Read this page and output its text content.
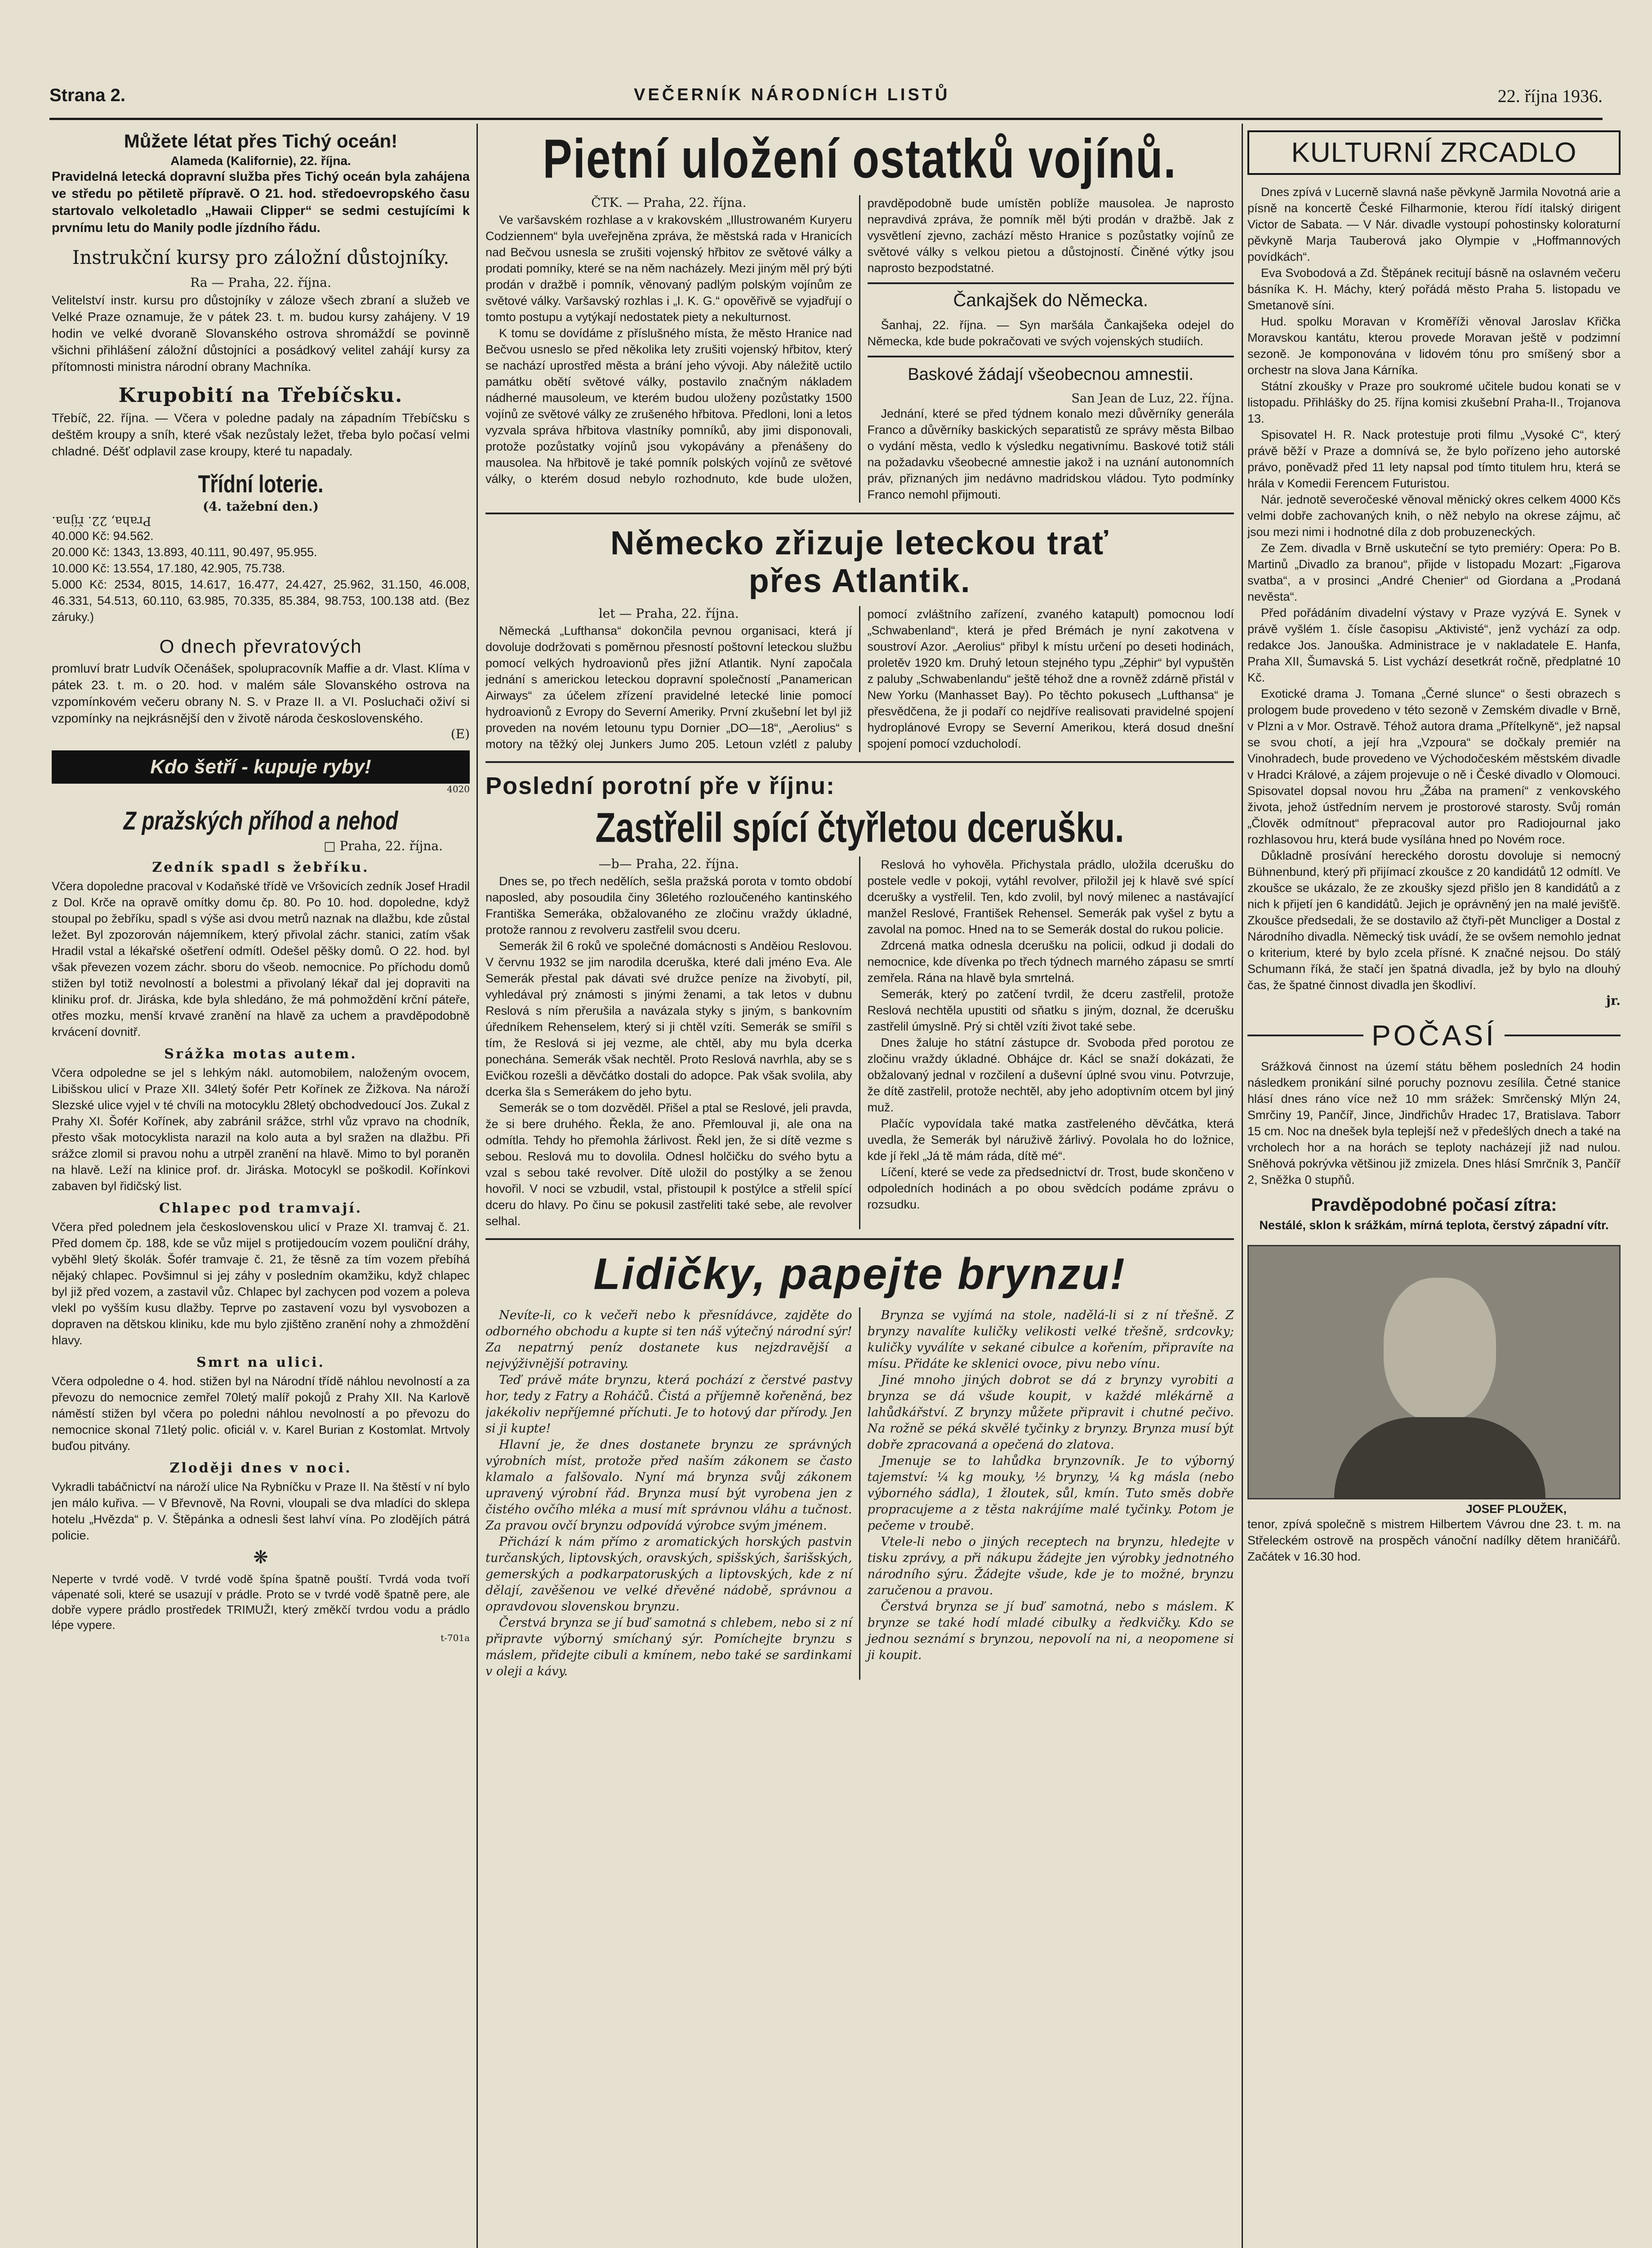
Strana 2.	VEČERNÍK NÁRODNÍCH LISTŮ	22. října 1936.
Můžete létat přes Tichý oceán!
Alameda (Kalifornie), 22. října.

Pravidelná letecká dopravní služba přes Tichý oceán byla zahájena ve středu po pětiletě přípravě. O 21. hod. středoevropského času startovalo velkoletadlo „Hawaii Clipper“ se sedmi cestujícími k prvnímu letu do Manily podle jízdního řádu.

Instrukční kursy pro záložní důstojníky.
Ra — Praha, 22. října.

Velitelství instr. kursu pro důstojníky v záloze všech zbraní a služeb ve Velké Praze oznamuje, že v pátek 23. t. m. budou kursy zahájeny. V 19 hodin ve velké dvoraně Slovanského ostrova shromáždí se povinně všichni přihlášení záložní důstojníci a posádkový velitel zahájí kursy za přítomnosti ministra národní obrany Machníka.

Krupobití na Třebíčsku.

Třebíč, 22. října. — Včera v poledne padaly na západním Třebíčsku s deštěm kroupy a sníh, které však nezůstaly ležet, třeba bylo počasí velmi chladné. Déšť odplavil zase kroupy, které tu napadaly.

Třídní loterie.
(4. tažební den.)
Praha, 22. října.

40.000 Kč: 94.562.

20.000 Kč: 1343, 13.893, 40.111, 90.497, 95.955.

10.000 Kč: 13.554, 17.180, 42.905, 75.738.

5.000 Kč: 2534, 8015, 14.617, 16.477, 24.427, 25.962, 31.150, 46.008, 46.331, 54.513, 60.110, 63.985, 70.335, 85.384, 98.753, 100.138 atd. (Bez záruky.)

O dnech převratových

promluví bratr Ludvík Očenášek, spolupracovník Maffie a dr. Vlast. Klíma v pátek 23. t. m. o 20. hod. v malém sále Slovanského ostrova na vzpomínkovém večeru obrany N. S. v Praze II. a VI. Posluchači oživí si vzpomínky na nejkrásnější den v životě národa československého.

(E)
Kdo šetří - kupuje ryby!
4020
Z pražských příhod a nehod
□ Praha, 22. října.
Zedník spadl s žebříku.

Včera dopoledne pracoval v Kodaňské třídě ve Vršovicích zedník Josef Hradil z Dol. Krče na opravě omítky domu čp. 80. Po 10. hod. dopoledne, když stoupal po žebříku, spadl s výše asi dvou metrů naznak na dlažbu, kde zůstal ležet. Byl zpozorován nájemníkem, který přivolal záchr. stanici, zatím však Hradil vstal a lékařské ošetření odmítl. Odešel pěšky domů. O 22. hod. byl však převezen vozem záchr. sboru do všeob. nemocnice. Po příchodu domů stižen byl totiž nevolností a bolestmi a přivolaný lékař dal jej dopraviti na kliniku prof. dr. Jiráska, kde byla shledáno, že má pohmoždění krční páteře, otřes mozku, menší krvavé zranění na hlavě za uchem a pravděpodobně krvácení dovnitř.

Srážka motas autem.

Včera odpoledne se jel s lehkým nákl. automobilem, naloženým ovocem, Libišskou ulicí v Praze XII. 34letý šofér Petr Kořínek ze Žižkova. Na nároží Slezské ulice vyjel v té chvíli na motocyklu 28letý obchodvedoucí Jos. Zukal z Prahy XI. Šofér Kořínek, aby zabránil srážce, strhl vůz vpravo na chodník, přesto však motocyklista narazil na kolo auta a byl sražen na dlažbu. Při srážce zlomil si pravou nohu a utrpěl zranění na hlavě. Mimo to byl poraněn na hlavě. Leží na klinice prof. dr. Jiráska. Motocykl se poškodil. Kořínkovi zabaven byl řidičský list.

Chlapec pod tramvají.

Včera před polednem jela československou ulicí v Praze XI. tramvaj č. 21. Před domem čp. 188, kde se vůz mijel s protijedoucím vozem pouliční dráhy, vyběhl 9letý školák. Šofér tramvaje č. 21, že těsně za tím vozem přebíhá nějaký chlapec. Povšimnul si jej záhy v posledním okamžiku, když chlapec byl již před vozem, a zastavil vůz. Chlapec byl zachycen pod vozem a poleva vlekl po vyšším kusu dlažby. Teprve po zastavení vozu byl vysvobozen a dopraven na dětskou kliniku, kde mu bylo zjištěno zranění nohy a zhmoždění hlavy.

Smrt na ulici.

Včera odpoledne o 4. hod. stižen byl na Národní třídě náhlou nevolností a za převozu do nemocnice zemřel 70letý malíř pokojů z Prahy XII. Na Karlově náměstí stižen byl včera po poledni náhlou nevolností a po převozu do nemocnice skonal 71letý polic. oficiál v. v. Karel Burian z Kostomlat. Mrtvoly buďou pitvány.

Zloději dnes v noci.

Vykradli tabáčnictví na nároží ulice Na Rybníčku v Praze II. Na štěstí v ní bylo jen málo kuřiva. — V Břevnově, Na Rovni, vloupali se dva mladíci do sklepa hotelu „Hvězda“ p. V. Štěpánka a odnesli šest lahví vína. Po zlodějích pátrá policie.

❋

Neperte v tvrdé vodě. V tvrdé vodě špína špatně pouští. Tvrdá voda tvoří vápenaté soli, které se usazují v prádle. Proto se v tvrdé vodě špatně pere, ale dobře vypere prádlo prostředek TRIMUŽI, který změkčí tvrdou vodu a prádlo lépe vypere.

t-701a
Pietní uložení ostatků vojínů.
ČTK. — Praha, 22. října.

Ve varšavském rozhlase a v krakovském „Illustrowaném Kuryeru Codziennem“ byla uveřejněna zpráva, že městská rada v Hranicích nad Bečvou usnesla se zrušiti vojenský hřbitov ze světové války a prodati pomníky, které se na něm nacházely. Mezi jiným měl prý býti prodán v dražbě i pomník, věnovaný padlým polským vojínům ze světové války. Varšavský rozhlas i „I. K. G.“ opověřivě se vyjadřují o tomto postupu a vytýkají nedostatek piety a nekulturnost.

K tomu se dovídáme z příslušného místa, že město Hranice nad Bečvou usneslo se před několika lety zrušiti vojenský hřbitov, který se nachází uprostřed města a brání jeho vývoji. Aby náležitě uctilo památku obětí světové války, postavilo značným nákladem nádherné mausoleum, ve kterém budou uloženy pozůstatky 1500 vojínů ze světové války ze zrušeného hřbitova. Předloni, loni a letos vyzvala správa hřbitova vlastníky pomníků, aby jimi disponovali, protože pozůstatky vojínů jsou vykopávány a přenášeny do mausolea. Na hřbitově je také pomník polských vojínů ze světové války, o kterém dosud nebylo rozhodnuto, kde bude uložen, pravděpodobně bude umístěn poblíže mausolea. Je naprosto nepravdivá zpráva, že pomník měl býti prodán v dražbě. Jak z vysvětlení zjevno, zachází město Hranice s pozůstatky vojínů ze světové války s velkou pietou a důstojností. Činěné výtky jsou naprosto bezpodstatné.

Čankajšek do Německa.

Šanhaj, 22. října. — Syn maršála Čankajšeka odejel do Německa, kde bude pokračovati ve svých vojenských studiích.

Baskové žádají všeobecnou amnestii.
San Jean de Luz, 22. října.

Jednání, které se před týdnem konalo mezi důvěrníky generála Franco a důvěrníky baskických separatistů ze správy města Bilbao o vydání města, vedlo k výsledku negativnímu. Baskové totiž stáli na požadavku všeobecné amnestie jakož i na uznání autonomních práv, přiznaných jim nedávno madridskou vládou. Tyto podmínky Franco nemohl přijmouti.

Německo zřizuje leteckou trať
přes Atlantik.
let — Praha, 22. října.

Německá „Lufthansa“ dokončila pevnou organisaci, která jí dovoluje dodržovati s poměrnou přesností poštovní leteckou službu pomocí velkých hydroavionů přes jižní Atlantik. Nyní započala jednání s americkou leteckou dopravní společností „Panamerican Airways“ za účelem zřízení pravidelné letecké linie pomocí hydroavionů z Evropy do Severní Ameriky. První zkušební let byl již proveden na novém letounu typu Dornier „DO—18“, „Aerolius“ s motory na těžký olej Junkers Jumo 205. Letoun vzlétl z paluby pomocí zvláštního zařízení, zvaného katapult) pomocnou lodí „Schwabenland“, která je před Brémách je nyní zakotvena v soustroví Azor. „Aerolius“ přibyl k místu určení po deseti hodinách, proletěv 1920 km. Druhý letoun stejného typu „Zéphir“ byl vypuštěn z paluby „Schwabenlandu“ ještě téhož dne a rovněž zdárně přistál v New Yorku (Manhasset Bay). Po těchto pokusech „Lufthansa“ je přesvědčena, že ji podaří co nejdříve realisovati pravidelné spojení hydroplánové Evropy se Severní Amerikou, která dosud dnešní spojení pomocí vzducholodí.

Poslední porotní pře v říjnu:
Zastřelil spící čtyřletou dcerušku.
—b— Praha, 22. října.

Dnes se, po třech nedělích, sešla pražská porota v tomto období naposled, aby posoudila činy 36letého rozloučeného kantinského Františka Semeráka, obžalovaného ze zločinu vraždy úkladné, protože rannou z revolveru zastřelil svou dceru.

Semerák žil 6 roků ve společné domácnosti s Anděiou Reslovou. V červnu 1932 se jim narodila dceruška, které dali jméno Eva. Ale Semerák přestal pak dávati své družce peníze na živobytí, pil, vyhledával prý známosti s jinými ženami, a tak letos v dubnu Reslová s ním přerušila a navázala styky s jiným, s bankovním úředníkem Rehenselem, který si ji chtěl vzíti. Semerák se smířil s tím, že Reslová si jej vezme, ale chtěl, aby mu byla dcerka ponechána. Semerák však nechtěl. Proto Reslová navrhla, aby se s Evičkou rozešli a děvčátko dostali do adopce. Pak však svolila, aby dcerka šla s Semerákem do jeho bytu.

Semerák se o tom dozvěděl. Přišel a ptal se Reslové, jeli pravda, že si bere druhého. Řekla, že ano. Přemlouval ji, ale ona na odmítla. Tehdy ho přemohla žárlivost. Řekl jen, že si dítě vezme s sebou. Reslová mu to dovolila. Odnesl holčičku do svého bytu a vzal s sebou také revolver. Dítě uložil do postýlky a se ženou hovořil. V noci se vzbudil, vstal, přistoupil k postýlce a střelil spící dceru do hlavy. Po činu se pokusil zastřeliti také sebe, ale revolver selhal.

Reslová ho vyhověla. Přichystala prádlo, uložila dcerušku do postele vedle v pokoji, vytáhl revolver, přiložil jej k hlavě své spící dcerušky a vystřelil. Ten, kdo zvolil, byl nový milenec a nastávající manžel Reslové, František Rehensel. Semerák pak vyšel z bytu a zavolal na pomoc. Hned na to se Semerák dostal do rukou policie.

Zdrcená matka odnesla dcerušku na policii, odkud ji dodali do nemocnice, kde dívenka po třech týdnech marného zápasu se smrtí zemřela. Rána na hlavě byla smrtelná.

Semerák, který po zatčení tvrdil, že dceru zastřelil, protože Reslová nechtěla upustiti od sňatku s jiným, doznal, že dcerušku zastřelil úmyslně. Prý si chtěl vzíti život také sebe.

Dnes žaluje ho státní zástupce dr. Svoboda před porotou ze zločinu vraždy úkladné. Obhájce dr. Kácl se snaží dokázati, že obžalovaný jednal v rozčilení a duševní úplné svou vinu. Potvrzuje, že dítě zastřelil, protože nechtěl, aby jeho adoptivním otcem byl jiný muž.

Plačíc vypovídala také matka zastřeleného děvčátka, která uvedla, že Semerák byl náruživě žárlivý. Povolala ho do ložnice, kde jí řekl „Já tě mám ráda, dítě mé“.

Líčení, které se vede za předsednictví dr. Trost, bude skončeno v odpoledních hodinách a po obou svědcích podáme zprávu o rozsudku.

Lidičky, papejte brynzu!

Nevíte-li, co k večeři nebo k přesnídávce, zajděte do odborného obchodu a kupte si ten náš výtečný národní sýr! Za nepatrný peníz dostanete kus nejzdravější a nejvýživnější potraviny.

Teď právě máte brynzu, která pochází z čerstvé pastvy hor, tedy z Fatry a Roháčů. Čistá a příjemně kořeněná, bez jakékoliv nepříjemné příchuti. Je to hotový dar přírody. Jen si ji kupte!

Hlavní je, že dnes dostanete brynzu ze správných výrobních míst, protože před naším zákonem se často klamalo a falšovalo. Nyní má brynza svůj zákonem upravený výrobní řád. Brynza musí být vyrobena jen z čistého ovčího mléka a musí mít správnou vláhu a tučnost. Za pravou ovčí brynzu odpovídá výrobce svým jménem.

Přichází k nám přímo z aromatických horských pastvin turčanských, liptovských, oravských, spišských, šarišských, gemerských a podkarpatoruských a liptovských, kde z ní dělají, zavěšenou ve velké dřevěné nádobě, správnou a opravdovou slovenskou brynzu.

Čerstvá brynza se jí buď samotná s chlebem, nebo si z ní připravte výborný smíchaný sýr. Pomíchejte brynzu s máslem, přidejte cibuli a kmínem, nebo také se sardinkami v oleji a kávy.

Brynza se vyjímá na stole, nadělá-li si z ní třešně. Z brynzy navalíte kuličky velikosti velké třešně, srdcovky; kuličky vyválíte v sekané cibulce a kořením, připravíte na mísu. Přidáte ke sklenici ovoce, pivu nebo vínu.

Jiné mnoho jiných dobrot se dá z brynzy vyrobiti a brynza se dá všude koupit, v každé mlékárně a lahůdkářství. Z brynzy můžete připravit i chutné pečivo. Na rožně se péká skvělé tyčinky z brynzy. Brynza musí být dobře zpracovaná a opečená do zlatova.

Jmenuje se to lahůdka brynzovník. Je to výborný tajemství: ¼ kg mouky, ½ brynzy, ¼ kg másla (nebo výborného sádla), 1 žloutek, sůl, kmín. Tuto směs dobře propracujeme a z těsta nakrájíme malé tyčinky. Potom je pečeme v troubě.

Vtele-li nebo o jiných receptech na brynzu, hledejte v tisku zprávy, a při nákupu žádejte jen výrobky jednotného národního sýru. Žádejte všude, kde je to možné, brynzu zaručenou a pravou.

Čerstvá brynza se jí buď samotná, nebo s máslem. K brynze se také hodí mladé cibulky a ředkvičky. Kdo se jednou seznámí s brynzou, nepovolí na ni, a neopomene si ji koupit.

KULTURNÍ ZRCADLO

Dnes zpívá v Lucerně slavná naše pěvkyně Jarmila Novotná arie a písně na koncertě České Filharmonie, kterou řídí italský dirigent Victor de Sabata. — V Nár. divadle vystoupí pohostinsky koloraturní pěvkyně Marja Tauberová jako Olympie v „Hoffmannových povídkách“.

Eva Svobodová a Zd. Štěpánek recitují básně na oslavném večeru básníka K. H. Máchy, který pořádá město Praha 5. listopadu ve Smetanově síni.

Hud. spolku Moravan v Kroměříži věnoval Jaroslav Křička Moravskou kantátu, kterou provede Moravan ještě v podzimní sezoně. Je komponována v lidovém tónu pro smíšený sbor a orchestr na slova Jana Kárníka.

Státní zkoušky v Praze pro soukromé učitele budou konati se v listopadu. Přihlášky do 25. října komisi zkušební Praha-II., Trojanova 13.

Spisovatel H. R. Nack protestuje proti filmu „Vysoké C“, který právě běží v Praze a domnívá se, že bylo pořízeno jeho autorské právo, poněvadž před 11 lety napsal pod tímto titulem hru, která se hrála v Komedii Ferencem Futuristou.

Nár. jednotě severočeské věnoval měnický okres celkem 4000 Kčs velmi dobře zachovaných knih, o něž nebylo na okrese zájmu, ač jsou mezi nimi i hodnotné díla z dob probuzeneckých.

Ze Zem. divadla v Brně uskuteční se tyto premiéry: Opera: Po B. Martinů „Divadlo za branou“, přijde v listopadu Mozart: „Figarova svatba“, a v prosinci „André Chenier“ od Giordana a „Prodaná nevěsta“.

Před pořádáním divadelní výstavy v Praze vyzývá E. Synek v právě vyšlém 1. čísle časopisu „Aktivisté“, jenž vychází za odp. redakce Jos. Janouška. Administrace je v nakladatele E. Hanfa, Praha XII, Šumavská 5. List vychází desetkrát ročně, předplatné 10 Kč.

Exotické drama J. Tomana „Černé slunce“ o šesti obrazech s prologem bude provedeno v této sezoně v Zemském divadle v Brně, v Plzni a v Mor. Ostravě. Téhož autora drama „Přítelkyně“, jež napsal se svou chotí, a její hra „Vzpoura“ se dočkaly premiér na Vinohradech, bude provedeno ve Východočeském městském divadle v Hradci Králové, a zájem projevuje o ně i České divadlo v Olomouci. Spisovatel dopsal novou hru „Žába na pramení“ z venkovského života, jehož ústředním nervem je prostorové starosty. Svůj román „Člověk odmítnout“ přepracoval autor pro Radiojournal jako rozhlasovou hru, která bude vysílána hned po Novém roce.

Důkladně prosívání hereckého dorostu dovoluje si nemocný Bühnenbund, který při přijímací zkoušce z 20 kandidátů 12 odmítl. Ve zkoušce se ukázalo, že ze zkoušky sjezd přišlo jen 8 kandidátů a z nich k přijetí jen 6 kandidátů. Jejich je oprávněný jen na malé jevišťě. Zkoušce předsedali, že se dostavilo až čtyři-pět Muncliger a Dostal z Národního divadla. Německý tisk uvádí, že se ovšem nemohlo jednat o kriterium, které by bylo zcela přísné. K značné nejsou. Do stálý Schumann říká, že stačí jen špatná divadla, jež by bylo na dlouhý čas, že špatné činnost divadla jen škodliví.

jr.
POČASÍ

Srážková činnost na území státu během posledních 24 hodin následkem pronikání silné poruchy poznovu zesílila. Četné stanice hlásí dnes ráno více než 10 mm srážek: Smrčenský Mlýn 24, Smrčiny 19, Pančíř, Jince, Jindřichův Hradec 17, Bratislava. Taborr 15 cm. Noc na dnešek byla teplejší než v předešlých dnech a také na vrcholech hor a na horách se teploty nacházejí již nad nulou. Sněhová pokrývka většinou již zmizela. Dnes hlásí Smrčník 3, Pančíř 2, Sněžka 0 stupňů.

Pravděpodobné počasí zítra:

Nestálé, sklon k srážkám, mírná teplota, čerstvý západní vítr.

JOSEF PLOUŽEK,

tenor, zpívá společně s mistrem Hilbertem Vávrou dne 23. t. m. na Střeleckém ostrově na prospěch vánoční nadílky dětem hraničářů. Začátek v 16.30 hod.
